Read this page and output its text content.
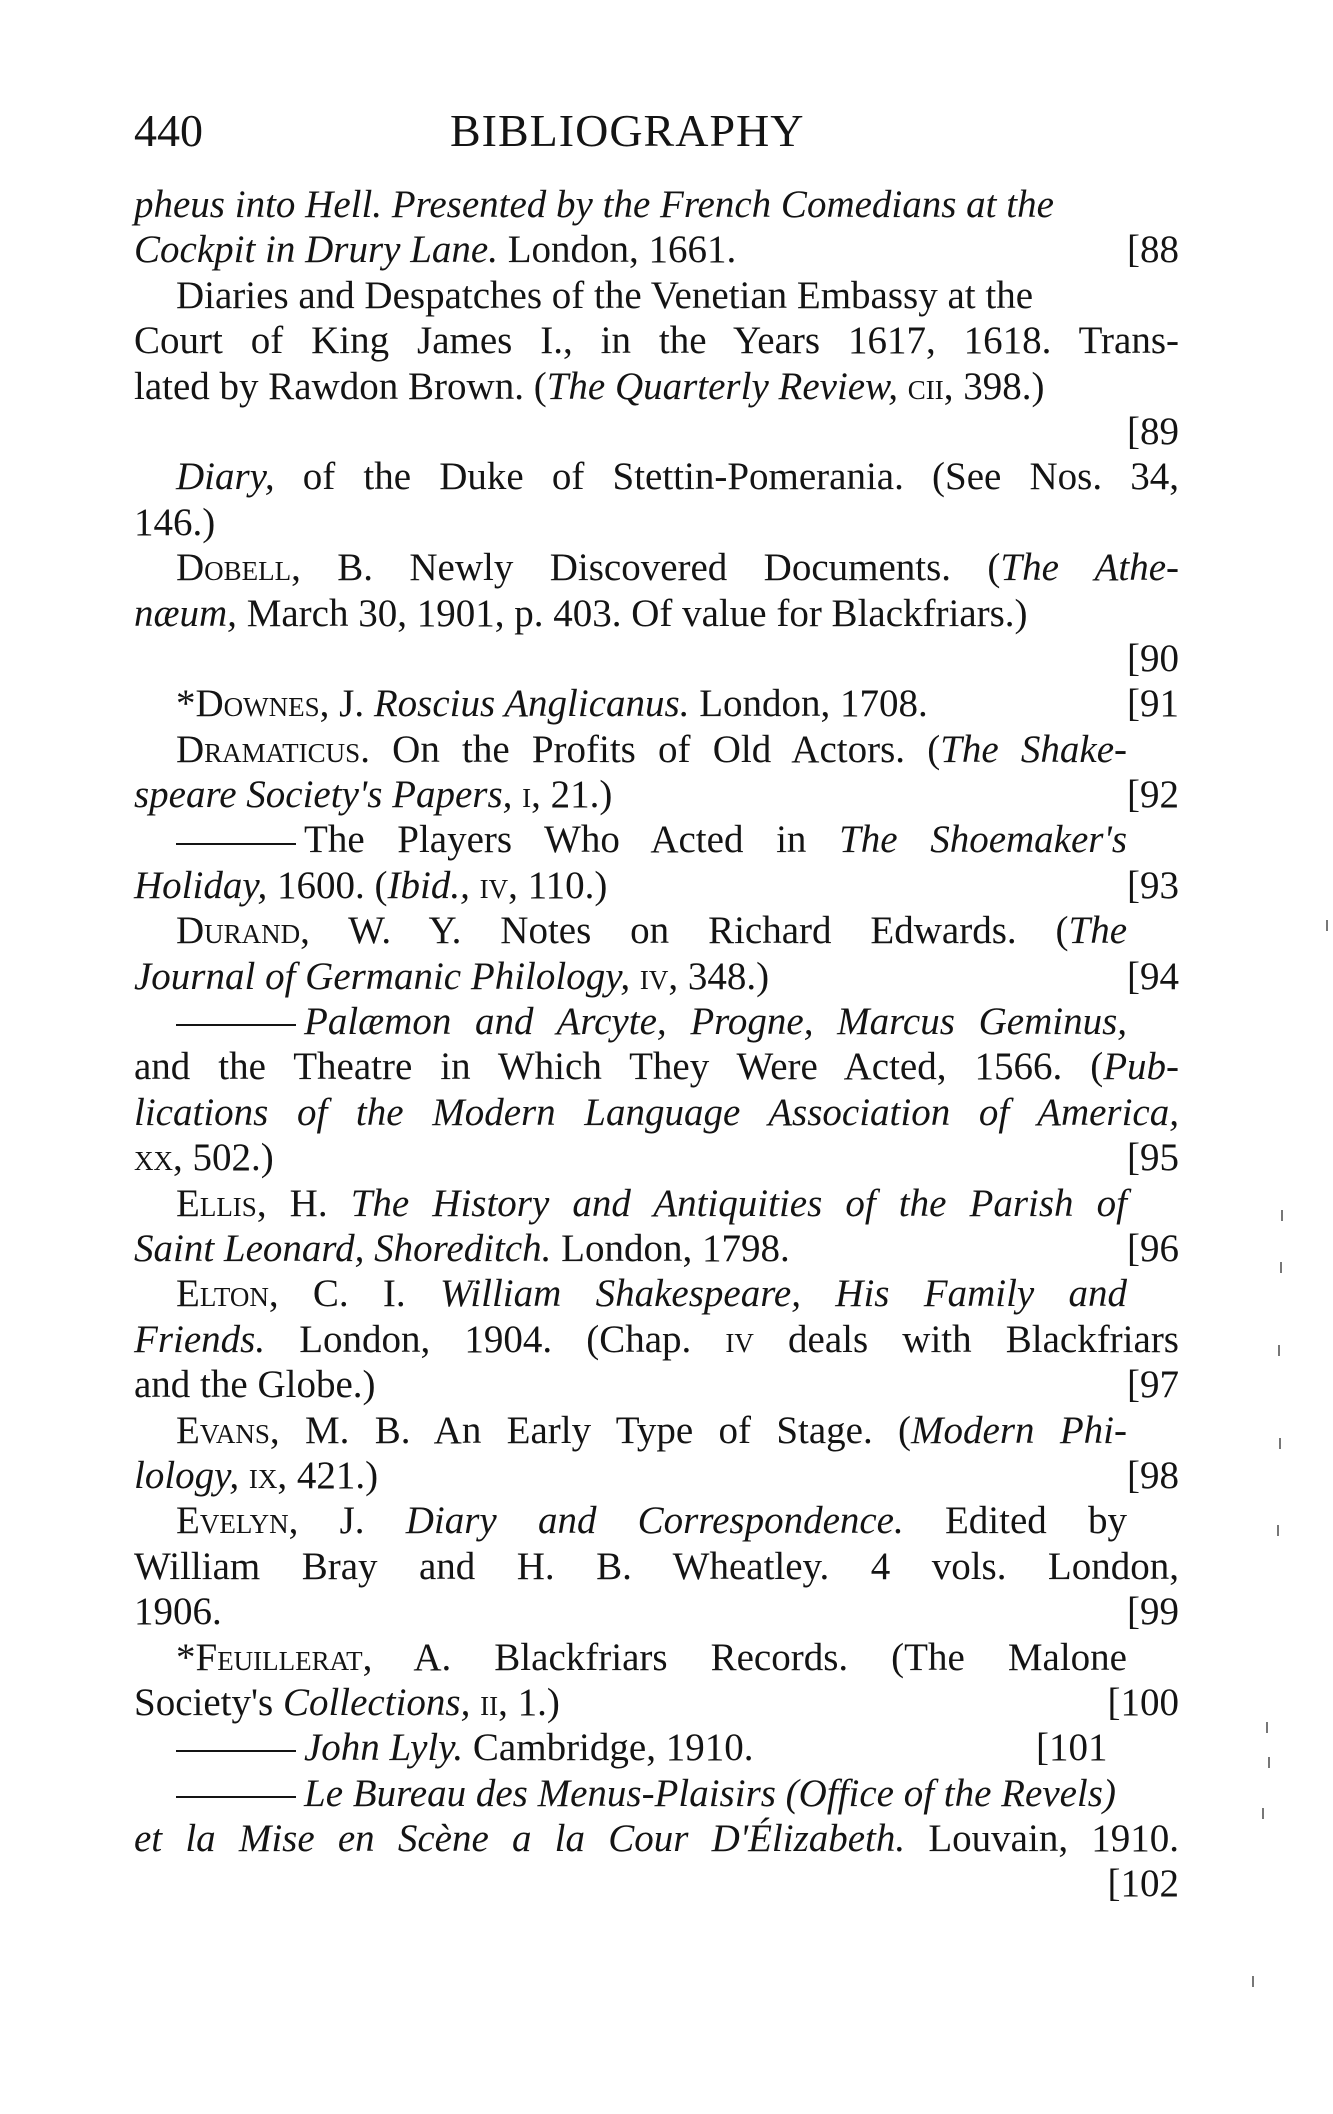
440	BIBLIOGRAPHY
pheus into Hell. Presented by the French Comedians at the
[88
Cockpit in Drury Lane. London, 1661.
Diaries and Despatches of the Venetian Embassy at the
Court of King James I., in the Years 1617, 1618. Trans-
lated by Rawdon Brown. (The Quarterly Review, cii, 398.)
[89
Diary, of the Duke of Stettin-Pomerania. (See Nos. 34,
146.)
Dobell, B. Newly Discovered Documents. (The Athe-
næum, March 30, 1901, p. 403. Of value for Blackfriars.)
[90
[91
*Downes, J. Roscius Anglicanus. London, 1708.
Dramaticus. On the Profits of Old Actors. (The Shake-
[92
speare Society's Papers, i, 21.)
The Players Who Acted in The Shoemaker's
[93
Holiday, 1600. (Ibid., iv, 110.)
Durand, W. Y. Notes on Richard Edwards. (The
[94
Journal of Germanic Philology, iv, 348.)
Palæmon and Arcyte, Progne, Marcus Geminus,
and the Theatre in Which They Were Acted, 1566. (Pub-
lications of the Modern Language Association of America,
[95
xx, 502.)
Ellis, H. The History and Antiquities of the Parish of
[96
Saint Leonard, Shoreditch. London, 1798.
Elton, C. I. William Shakespeare, His Family and
Friends. London, 1904. (Chap. iv deals with Blackfriars
[97
and the Globe.)
Evans, M. B. An Early Type of Stage. (Modern Phi-
[98
lology, ix, 421.)
Evelyn, J. Diary and Correspondence. Edited by
William Bray and H. B. Wheatley. 4 vols. London,
[99
1906.
*Feuillerat, A. Blackfriars Records. (The Malone
[100
Society's Collections, ii, 1.)
[101
John Lyly. Cambridge, 1910.
Le Bureau des Menus-Plaisirs (Office of the Revels)
et la Mise en Scène a la Cour D'Élizabeth. Louvain, 1910.
[102
